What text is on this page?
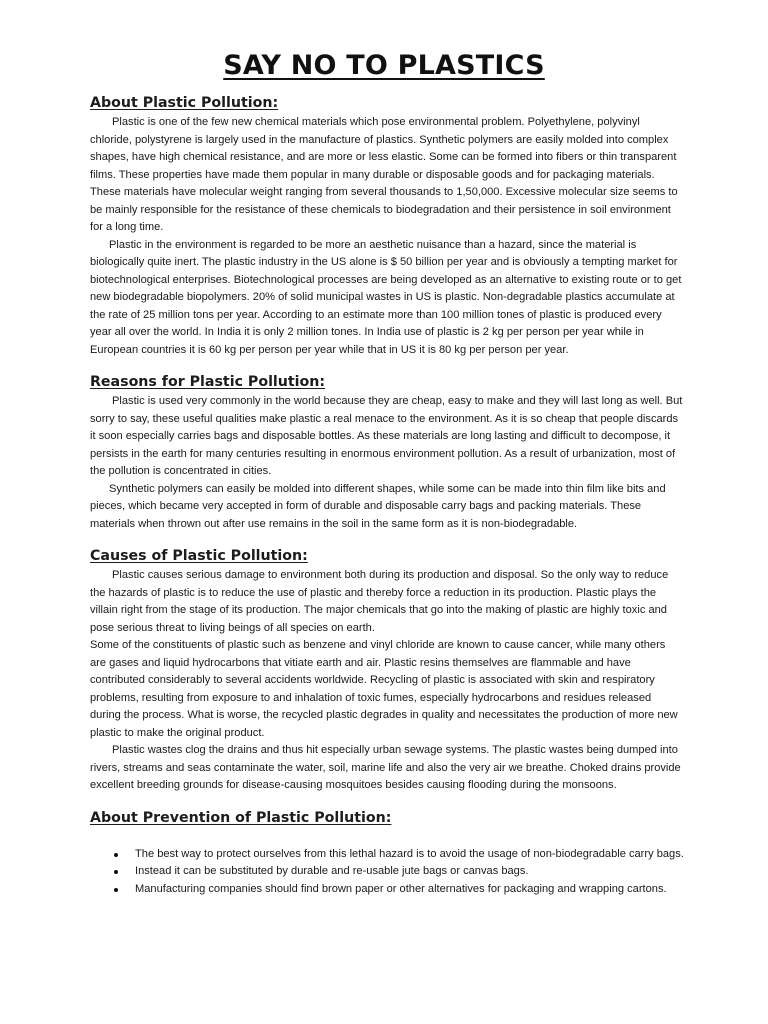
SAY NO TO PLASTICS
About Plastic Pollution:

Plastic is one of the few new chemical materials which pose environmental problem. Polyethylene, polyvinyl chloride, polystyrene is largely used in the manufacture of plastics. Synthetic polymers are easily molded into complex shapes, have high chemical resistance, and are more or less elastic. Some can be formed into fibers or thin transparent films. These properties have made them popular in many durable or disposable goods and for packaging materials. These materials have molecular weight ranging from several thousands to 1,50,000. Excessive molecular size seems to be mainly responsible for the resistance of these chemicals to biodegradation and their persistence in soil environment for a long time.

Plastic in the environment is regarded to be more an aesthetic nuisance than a hazard, since the material is biologically quite inert. The plastic industry in the US alone is $ 50 billion per year and is obviously a tempting market for biotechnological enterprises. Biotechnological processes are being developed as an alternative to existing route or to get new biodegradable biopolymers. 20% of solid municipal wastes in US is plastic. Non-degradable plastics accumulate at the rate of 25 million tons per year. According to an estimate more than 100 million tones of plastic is produced every year all over the world. In India it is only 2 million tones. In India use of plastic is 2 kg per person per year while in European countries it is 60 kg per person per year while that in US it is 80 kg per person per year.

Reasons for Plastic Pollution:

Plastic is used very commonly in the world because they are cheap, easy to make and they will last long as well. But sorry to say, these useful qualities make plastic a real menace to the environment. As it is so cheap that people discards it soon especially carries bags and disposable bottles. As these materials are long lasting and difficult to decompose, it persists in the earth for many centuries resulting in enormous environment pollution. As a result of urbanization, most of the pollution is concentrated in cities.

Synthetic polymers can easily be molded into different shapes, while some can be made into thin film like bits and pieces, which became very accepted in form of durable and disposable carry bags and packing materials. These materials when thrown out after use remains in the soil in the same form as it is non-biodegradable.

Causes of Plastic Pollution:

Plastic causes serious damage to environment both during its production and disposal. So the only way to reduce the hazards of plastic is to reduce the use of plastic and thereby force a reduction in its production. Plastic plays the villain right from the stage of its production. The major chemicals that go into the making of plastic are highly toxic and pose serious threat to living beings of all species on earth.

Some of the constituents of plastic such as benzene and vinyl chloride are known to cause cancer, while many others are gases and liquid hydrocarbons that vitiate earth and air. Plastic resins themselves are flammable and have contributed considerably to several accidents worldwide. Recycling of plastic is associated with skin and respiratory problems, resulting from exposure to and inhalation of toxic fumes, especially hydrocarbons and residues released during the process. What is worse, the recycled plastic degrades in quality and necessitates the production of more new plastic to make the original product.

Plastic wastes clog the drains and thus hit especially urban sewage systems. The plastic wastes being dumped into rivers, streams and seas contaminate the water, soil, marine life and also the very air we breathe. Choked drains provide excellent breeding grounds for disease-causing mosquitoes besides causing flooding during the monsoons.

About Prevention of Plastic Pollution:
The best way to protect ourselves from this lethal hazard is to avoid the usage of non-biodegradable carry bags.
Instead it can be substituted by durable and re-usable jute bags or canvas bags.
Manufacturing companies should find brown paper or other alternatives for packaging and wrapping cartons.
